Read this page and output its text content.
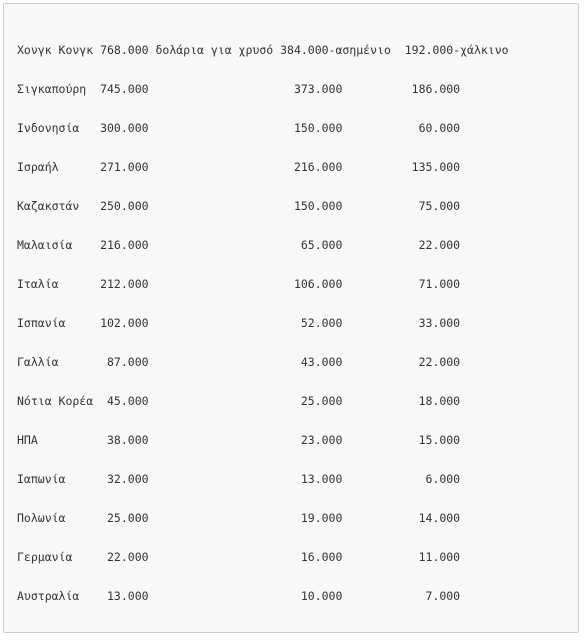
Χονγκ Κονγκ 768.000 δολάρια για χρυσό 384.000-ασημένιο  192.000-χάλκινο
Σιγκαπούρη  745.000                     373.000          186.000
Ινδονησία   300.000                     150.000           60.000
Ισραήλ      271.000                     216.000          135.000
Καζακστάν   250.000                     150.000           75.000
Μαλαισία    216.000                      65.000           22.000
Ιταλία      212.000                     106.000           71.000
Ισπανία     102.000                      52.000           33.000
Γαλλία       87.000                      43.000           22.000
Νότια Κορέα  45.000                      25.000           18.000
ΗΠΑ          38.000                      23.000           15.000
Ιαπωνία      32.000                      13.000            6.000
Πολωνία      25.000                      19.000           14.000
Γερμανία     22.000                      16.000           11.000
Αυστραλία    13.000                      10.000            7.000
